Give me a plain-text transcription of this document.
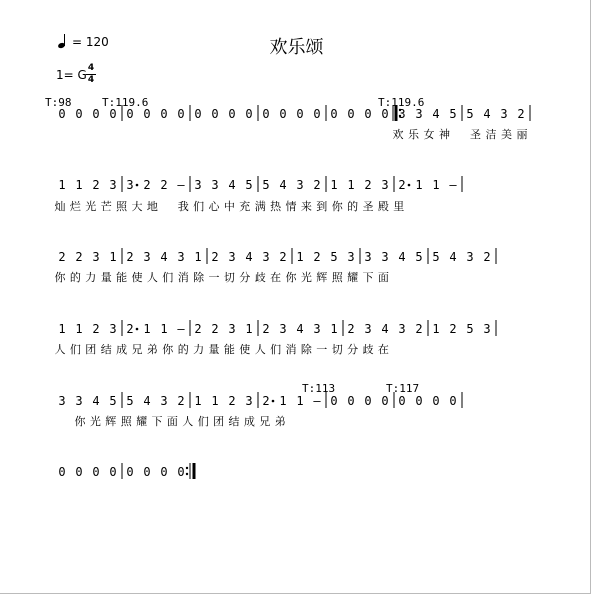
欢乐颂
= 120
1= G 4
4
0 0 0 0 0 0 0 0 0 0 0 0 0 0 0 0 0 0 0 0 3 3 4 5 5 4 3 2
1 1 2 3 3 2 2 – 3 3 4 5 5 4 3 2 1 1 2 3 2 1 1 –
2 2 3 1 2 3 4 3 1 2 3 4 3 2 1 2 5 3 3 3 4 5 5 4 3 2
1 1 2 3 2 1 1 – 2 2 3 1 2 3 4 3 1 2 3 4 3 2 1 2 5 3
3 3 4 5 5 4 3 2 1 1 2 3 2 1 1 – 0 0 0 0 0 0 0 0
0 0 0 0 0 0 0 0
欢 乐 女 神 圣 洁 美 丽
灿 烂 光 芒 照 大 地 我 们 心 中 充 满 热 情 来 到 你 的 圣 殿 里
你 的 力 量 能 使 人 们 消 除 一 切 分 歧 在 你 光 辉 照 耀 下 面
人 们 团 结 成 兄 弟 你 的 力 量 能 使 人 们 消 除 一 切 分 歧 在
你 光 辉 照 耀 下 面 人 们 团 结 成 兄 弟
T:98	T:119.6	T:119.6
T:113	T:117
